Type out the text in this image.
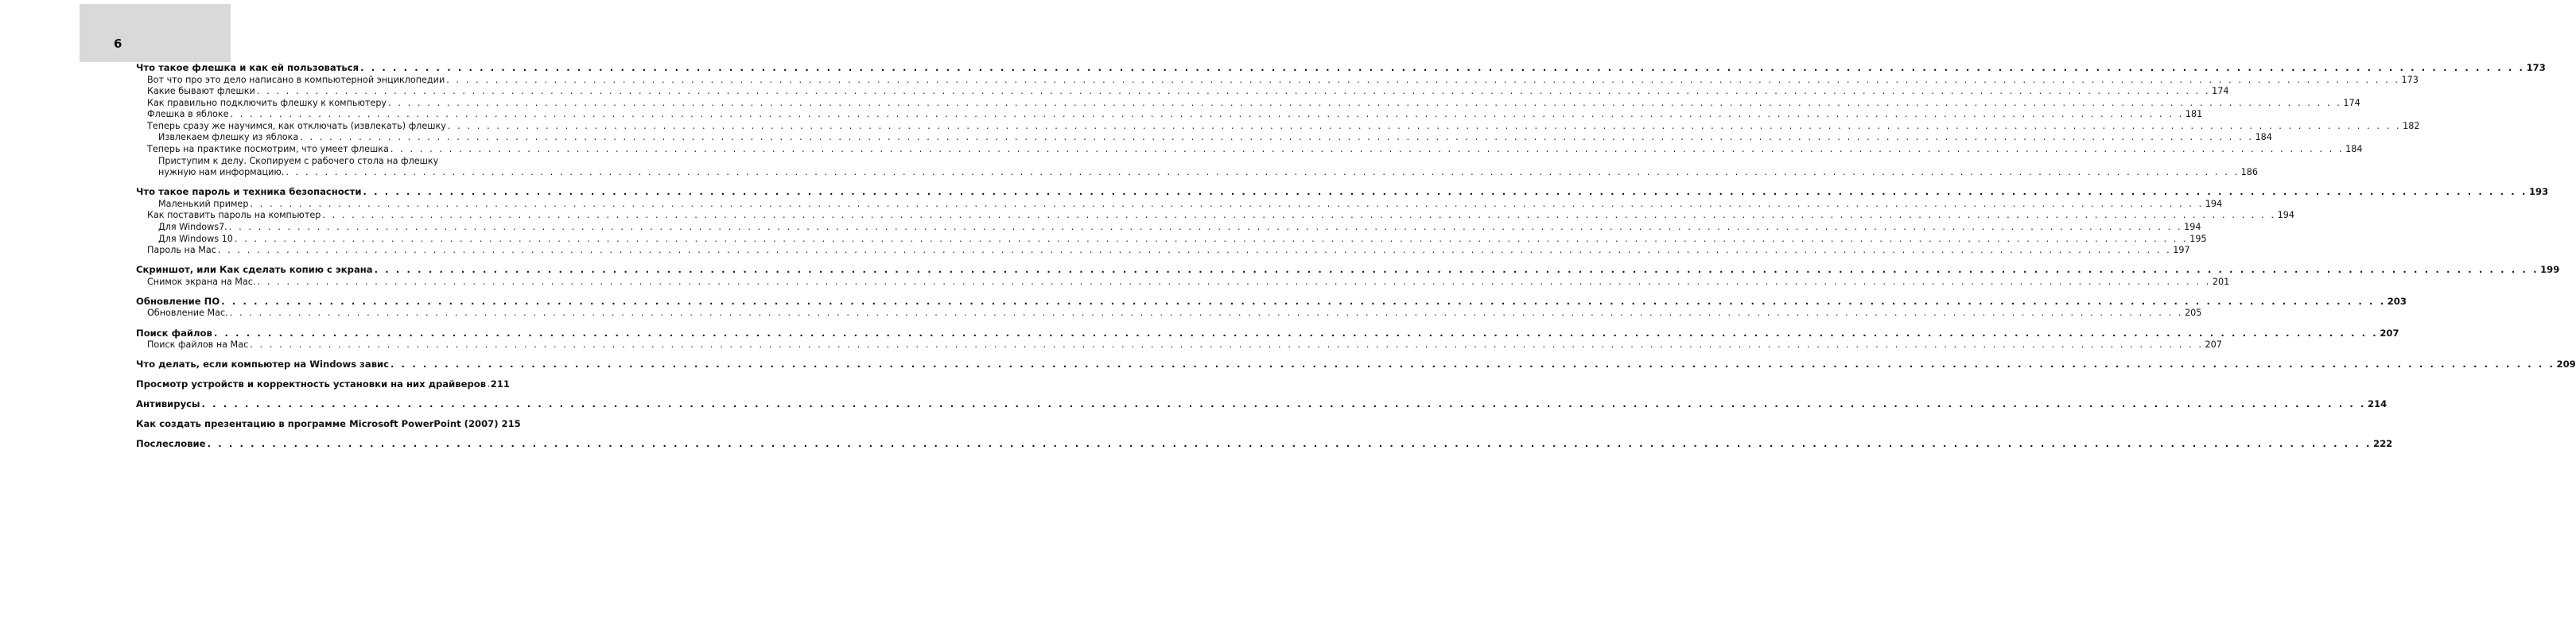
6
Что такое флешка и как ей пользоваться . . . . . . . . . . . . . . . . . . . . . . . . . . . . . . . . . . . . . . . . . . . . . . . . . . . . . . . . . . . . . . . . . . . . . . . . . . . . . . . . . . . . . . . . . . . . . . . . . . . . . . . . . . . . . . . . . . . . . . . . . . . . . . . . . . . . . . . . . . . . . . . . . . . . . . . . . . . . . . . . . . . . . . . . . . . . . . . . . . . . . . . . . . . . . . . . . . . . . . . . 173
Вот что про это дело написано в компьютерной энциклопедии . . . . . . . . . . . . . . . . . . . . . . . . . . . . . . . . . . . . . . . . . . . . . . . . . . . . . . . . . . . . . . . . . . . . . . . . . . . . . . . . . . . . . . . . . . . . . . . . . . . . . . . . . . . . . . . . . . . . . . . . . . . . . . . . . . . . . . . . . . . . . . . . . . . . . . . . . . . . . . . . . . . . . . . . . . . . . . . . . . . . . . . . . . . . . . . . . . . . . . . . 173
Какие бывают флешки . . . . . . . . . . . . . . . . . . . . . . . . . . . . . . . . . . . . . . . . . . . . . . . . . . . . . . . . . . . . . . . . . . . . . . . . . . . . . . . . . . . . . . . . . . . . . . . . . . . . . . . . . . . . . . . . . . . . . . . . . . . . . . . . . . . . . . . . . . . . . . . . . . . . . . . . . . . . . . . . . . . . . . . . . . . . . . . . . . . . . . . . . . . . . . . . . . . . . . . . 174
Как правильно подключить флешку к компьютеру . . . . . . . . . . . . . . . . . . . . . . . . . . . . . . . . . . . . . . . . . . . . . . . . . . . . . . . . . . . . . . . . . . . . . . . . . . . . . . . . . . . . . . . . . . . . . . . . . . . . . . . . . . . . . . . . . . . . . . . . . . . . . . . . . . . . . . . . . . . . . . . . . . . . . . . . . . . . . . . . . . . . . . . . . . . . . . . . . . . . . . . . . . . . . . . . . . . . . . . . 174
Флешка в яблоке . . . . . . . . . . . . . . . . . . . . . . . . . . . . . . . . . . . . . . . . . . . . . . . . . . . . . . . . . . . . . . . . . . . . . . . . . . . . . . . . . . . . . . . . . . . . . . . . . . . . . . . . . . . . . . . . . . . . . . . . . . . . . . . . . . . . . . . . . . . . . . . . . . . . . . . . . . . . . . . . . . . . . . . . . . . . . . . . . . . . . . . . . . . . . . . . . . . . . . . . 181
Теперь сразу же научимся, как отключать (извлекать) флешку . . . . . . . . . . . . . . . . . . . . . . . . . . . . . . . . . . . . . . . . . . . . . . . . . . . . . . . . . . . . . . . . . . . . . . . . . . . . . . . . . . . . . . . . . . . . . . . . . . . . . . . . . . . . . . . . . . . . . . . . . . . . . . . . . . . . . . . . . . . . . . . . . . . . . . . . . . . . . . . . . . . . . . . . . . . . . . . . . . . . . . . . . . . . . . . . . . . . . . . . 182
Извлекаем флешку из яблока . . . . . . . . . . . . . . . . . . . . . . . . . . . . . . . . . . . . . . . . . . . . . . . . . . . . . . . . . . . . . . . . . . . . . . . . . . . . . . . . . . . . . . . . . . . . . . . . . . . . . . . . . . . . . . . . . . . . . . . . . . . . . . . . . . . . . . . . . . . . . . . . . . . . . . . . . . . . . . . . . . . . . . . . . . . . . . . . . . . . . . . . . . . . . . . . . . . . . . . . 184
Теперь на практике посмотрим, что умеет флешка . . . . . . . . . . . . . . . . . . . . . . . . . . . . . . . . . . . . . . . . . . . . . . . . . . . . . . . . . . . . . . . . . . . . . . . . . . . . . . . . . . . . . . . . . . . . . . . . . . . . . . . . . . . . . . . . . . . . . . . . . . . . . . . . . . . . . . . . . . . . . . . . . . . . . . . . . . . . . . . . . . . . . . . . . . . . . . . . . . . . . . . . . . . . . . . . . . . . . . . . 184
Приступим к делу. Скопируем с рабочего стола на флешку
нужную нам информацию. . . . . . . . . . . . . . . . . . . . . . . . . . . . . . . . . . . . . . . . . . . . . . . . . . . . . . . . . . . . . . . . . . . . . . . . . . . . . . . . . . . . . . . . . . . . . . . . . . . . . . . . . . . . . . . . . . . . . . . . . . . . . . . . . . . . . . . . . . . . . . . . . . . . . . . . . . . . . . . . . . . . . . . . . . . . . . . . . . . . . . . . . . . . . . . . . . . . . . . . . 186
Что такое пароль и техника безопасности . . . . . . . . . . . . . . . . . . . . . . . . . . . . . . . . . . . . . . . . . . . . . . . . . . . . . . . . . . . . . . . . . . . . . . . . . . . . . . . . . . . . . . . . . . . . . . . . . . . . . . . . . . . . . . . . . . . . . . . . . . . . . . . . . . . . . . . . . . . . . . . . . . . . . . . . . . . . . . . . . . . . . . . . . . . . . . . . . . . . . . . . . . . . . . . . . . . . . . . . 193
Маленький пример . . . . . . . . . . . . . . . . . . . . . . . . . . . . . . . . . . . . . . . . . . . . . . . . . . . . . . . . . . . . . . . . . . . . . . . . . . . . . . . . . . . . . . . . . . . . . . . . . . . . . . . . . . . . . . . . . . . . . . . . . . . . . . . . . . . . . . . . . . . . . . . . . . . . . . . . . . . . . . . . . . . . . . . . . . . . . . . . . . . . . . . . . . . . . . . . . . . . . . . . 194
Как поставить пароль на компьютер . . . . . . . . . . . . . . . . . . . . . . . . . . . . . . . . . . . . . . . . . . . . . . . . . . . . . . . . . . . . . . . . . . . . . . . . . . . . . . . . . . . . . . . . . . . . . . . . . . . . . . . . . . . . . . . . . . . . . . . . . . . . . . . . . . . . . . . . . . . . . . . . . . . . . . . . . . . . . . . . . . . . . . . . . . . . . . . . . . . . . . . . . . . . . . . . . . . . . . . . 194
Для Windows7. . . . . . . . . . . . . . . . . . . . . . . . . . . . . . . . . . . . . . . . . . . . . . . . . . . . . . . . . . . . . . . . . . . . . . . . . . . . . . . . . . . . . . . . . . . . . . . . . . . . . . . . . . . . . . . . . . . . . . . . . . . . . . . . . . . . . . . . . . . . . . . . . . . . . . . . . . . . . . . . . . . . . . . . . . . . . . . . . . . . . . . . . . . . . . . . . . . . . . . . . 194
Для Windows 10 . . . . . . . . . . . . . . . . . . . . . . . . . . . . . . . . . . . . . . . . . . . . . . . . . . . . . . . . . . . . . . . . . . . . . . . . . . . . . . . . . . . . . . . . . . . . . . . . . . . . . . . . . . . . . . . . . . . . . . . . . . . . . . . . . . . . . . . . . . . . . . . . . . . . . . . . . . . . . . . . . . . . . . . . . . . . . . . . . . . . . . . . . . . . . . . . . . . . . . . . 195
Пароль на Mac . . . . . . . . . . . . . . . . . . . . . . . . . . . . . . . . . . . . . . . . . . . . . . . . . . . . . . . . . . . . . . . . . . . . . . . . . . . . . . . . . . . . . . . . . . . . . . . . . . . . . . . . . . . . . . . . . . . . . . . . . . . . . . . . . . . . . . . . . . . . . . . . . . . . . . . . . . . . . . . . . . . . . . . . . . . . . . . . . . . . . . . . . . . . . . . . . . . . . . . . 197
Скриншот, или Как сделать копию с экрана . . . . . . . . . . . . . . . . . . . . . . . . . . . . . . . . . . . . . . . . . . . . . . . . . . . . . . . . . . . . . . . . . . . . . . . . . . . . . . . . . . . . . . . . . . . . . . . . . . . . . . . . . . . . . . . . . . . . . . . . . . . . . . . . . . . . . . . . . . . . . . . . . . . . . . . . . . . . . . . . . . . . . . . . . . . . . . . . . . . . . . . . . . . . . . . . . . . . . . . . 199
Снимок экрана на Mac. . . . . . . . . . . . . . . . . . . . . . . . . . . . . . . . . . . . . . . . . . . . . . . . . . . . . . . . . . . . . . . . . . . . . . . . . . . . . . . . . . . . . . . . . . . . . . . . . . . . . . . . . . . . . . . . . . . . . . . . . . . . . . . . . . . . . . . . . . . . . . . . . . . . . . . . . . . . . . . . . . . . . . . . . . . . . . . . . . . . . . . . . . . . . . . . . . . . . . . . . 201
Обновление ПО . . . . . . . . . . . . . . . . . . . . . . . . . . . . . . . . . . . . . . . . . . . . . . . . . . . . . . . . . . . . . . . . . . . . . . . . . . . . . . . . . . . . . . . . . . . . . . . . . . . . . . . . . . . . . . . . . . . . . . . . . . . . . . . . . . . . . . . . . . . . . . . . . . . . . . . . . . . . . . . . . . . . . . . . . . . . . . . . . . . . . . . . . . . . . . . . . . . . . . . . 203
Обновление Mac. . . . . . . . . . . . . . . . . . . . . . . . . . . . . . . . . . . . . . . . . . . . . . . . . . . . . . . . . . . . . . . . . . . . . . . . . . . . . . . . . . . . . . . . . . . . . . . . . . . . . . . . . . . . . . . . . . . . . . . . . . . . . . . . . . . . . . . . . . . . . . . . . . . . . . . . . . . . . . . . . . . . . . . . . . . . . . . . . . . . . . . . . . . . . . . . . . . . . . . . . 205
Поиск файлов . . . . . . . . . . . . . . . . . . . . . . . . . . . . . . . . . . . . . . . . . . . . . . . . . . . . . . . . . . . . . . . . . . . . . . . . . . . . . . . . . . . . . . . . . . . . . . . . . . . . . . . . . . . . . . . . . . . . . . . . . . . . . . . . . . . . . . . . . . . . . . . . . . . . . . . . . . . . . . . . . . . . . . . . . . . . . . . . . . . . . . . . . . . . . . . . . . . . . . . . 207
Поиск файлов на Mac . . . . . . . . . . . . . . . . . . . . . . . . . . . . . . . . . . . . . . . . . . . . . . . . . . . . . . . . . . . . . . . . . . . . . . . . . . . . . . . . . . . . . . . . . . . . . . . . . . . . . . . . . . . . . . . . . . . . . . . . . . . . . . . . . . . . . . . . . . . . . . . . . . . . . . . . . . . . . . . . . . . . . . . . . . . . . . . . . . . . . . . . . . . . . . . . . . . . . . . . 207
Что делать, если компьютер на Windows завис . . . . . . . . . . . . . . . . . . . . . . . . . . . . . . . . . . . . . . . . . . . . . . . . . . . . . . . . . . . . . . . . . . . . . . . . . . . . . . . . . . . . . . . . . . . . . . . . . . . . . . . . . . . . . . . . . . . . . . . . . . . . . . . . . . . . . . . . . . . . . . . . . . . . . . . . . . . . . . . . . . . . . . . . . . . . . . . . . . . . . . . . . . . . . . . . . . . . . . . . 209
Просмотр устройств и корректность установки на них драйверов 211
Антивирусы . . . . . . . . . . . . . . . . . . . . . . . . . . . . . . . . . . . . . . . . . . . . . . . . . . . . . . . . . . . . . . . . . . . . . . . . . . . . . . . . . . . . . . . . . . . . . . . . . . . . . . . . . . . . . . . . . . . . . . . . . . . . . . . . . . . . . . . . . . . . . . . . . . . . . . . . . . . . . . . . . . . . . . . . . . . . . . . . . . . . . . . . . . . . . . . . . . . . . . . . 214
Как создать презентацию в программе Microsoft PowerPoint (2007) 215
Послесловие . . . . . . . . . . . . . . . . . . . . . . . . . . . . . . . . . . . . . . . . . . . . . . . . . . . . . . . . . . . . . . . . . . . . . . . . . . . . . . . . . . . . . . . . . . . . . . . . . . . . . . . . . . . . . . . . . . . . . . . . . . . . . . . . . . . . . . . . . . . . . . . . . . . . . . . . . . . . . . . . . . . . . . . . . . . . . . . . . . . . . . . . . . . . . . . . . . . . . . . . 222
